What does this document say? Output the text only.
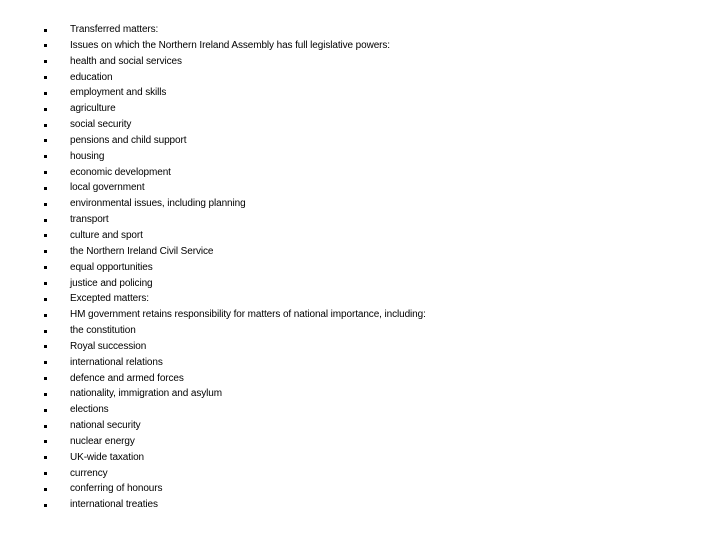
Transferred matters:
Issues on which the Northern Ireland Assembly has full legislative powers:
health and social services
education
employment and skills
agriculture
social security
pensions and child support
housing
economic development
local government
environmental issues, including planning
transport
culture and sport
the Northern Ireland Civil Service
equal opportunities
justice and policing
Excepted matters:
HM government retains responsibility for matters of national importance, including:
the constitution
Royal succession
international relations
defence and armed forces
nationality, immigration and asylum
elections
national security
nuclear energy
UK-wide taxation
currency
conferring of honours
international treaties
